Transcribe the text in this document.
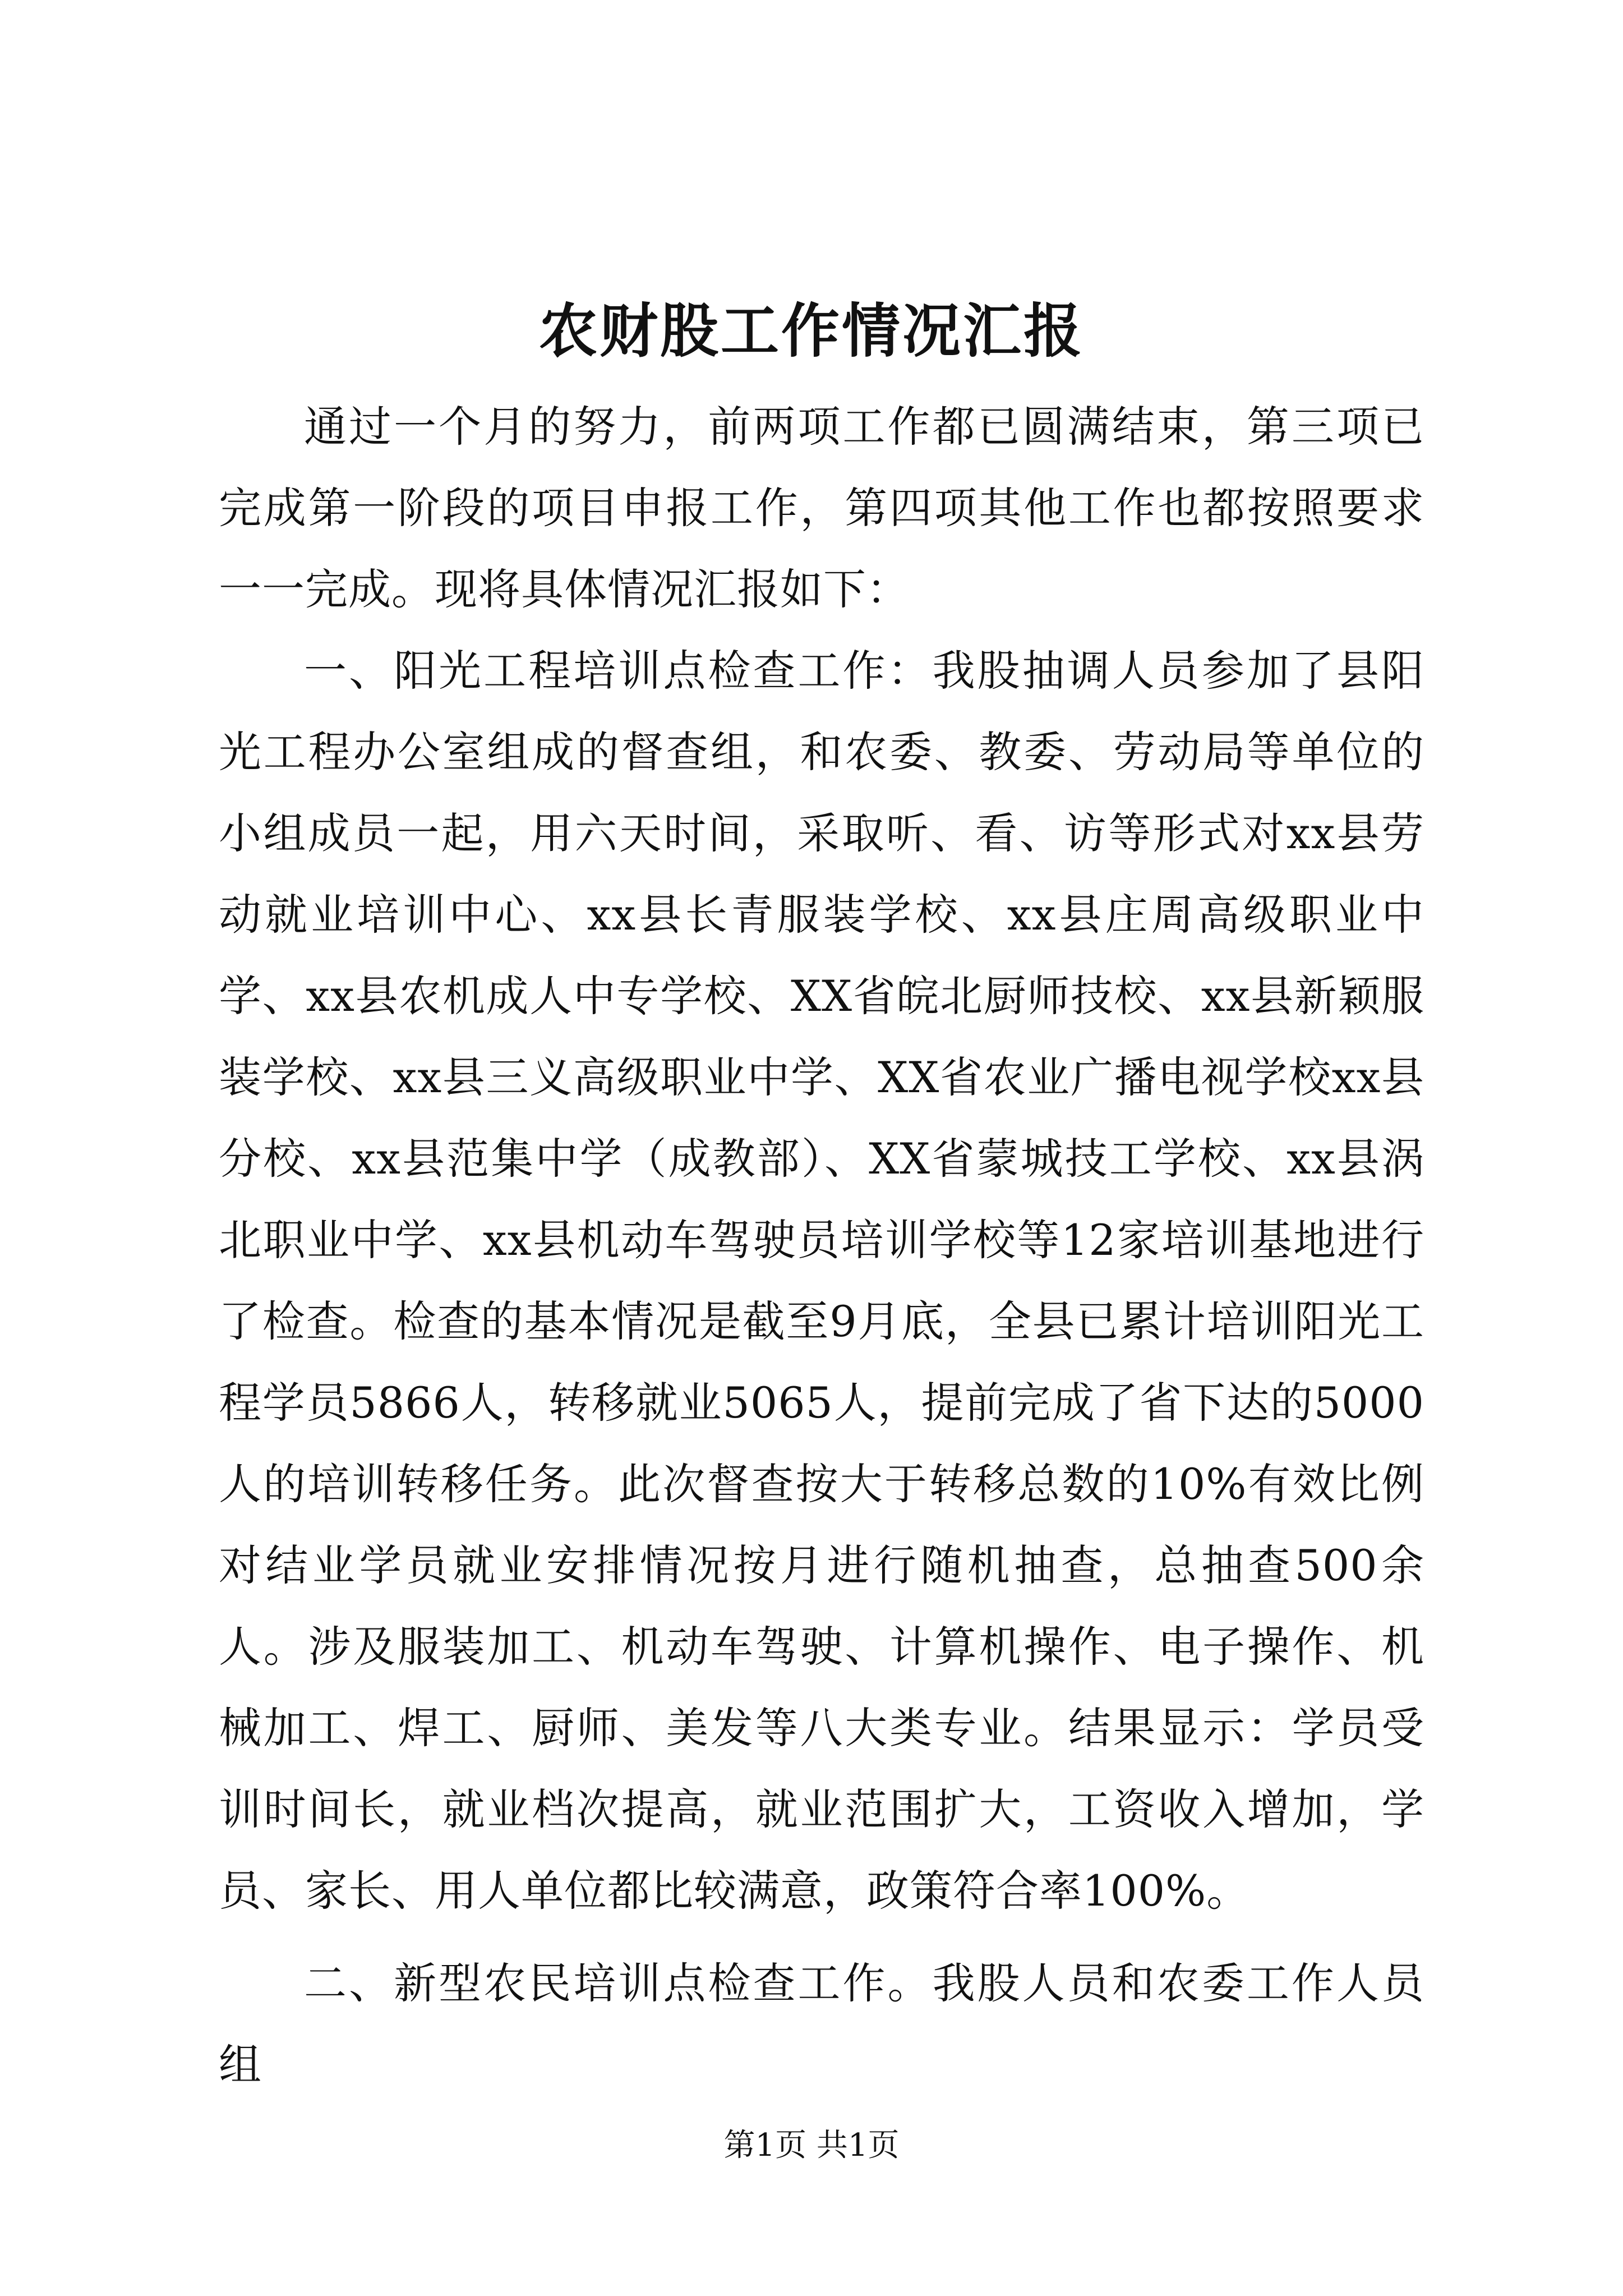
农财股工作情况汇报

通过一个月的努力，前两项工作都已圆满结束，第三项已完成第一阶段的项目申报工作，第四项其他工作也都按照要求一一完成。现将具体情况汇报如下：

一、阳光工程培训点检查工作：我股抽调人员参加了县阳光工程办公室组成的督查组，和农委、教委、劳动局等单位的小组成员一起，用六天时间，采取听、看、访等形式对xx县劳动就业培训中心、xx县长青服装学校、xx县庄周高级职业中学、xx县农机成人中专学校、XX省皖北厨师技校、xx县新颖服装学校、xx县三义高级职业中学、XX省农业广播电视学校xx县分校、xx县范集中学（成教部）、XX省蒙城技工学校、xx县涡北职业中学、xx县机动车驾驶员培训学校等12家培训基地进行了检查。检查的基本情况是截至9月底，全县已累计培训阳光工程学员5866人，转移就业5065人，提前完成了省下达的5000人的培训转移任务。此次督查按大于转移总数的10%有效比例对结业学员就业安排情况按月进行随机抽查，总抽查500余人。涉及服装加工、机动车驾驶、计算机操作、电子操作、机械加工、焊工、厨师、美发等八大类专业。结果显示：学员受训时间长，就业档次提高，就业范围扩大，工资收入增加，学员、家长、用人单位都比较满意，政策符合率100%。

二、新型农民培训点检查工作。我股人员和农委工作人员组

第1页 共1页
